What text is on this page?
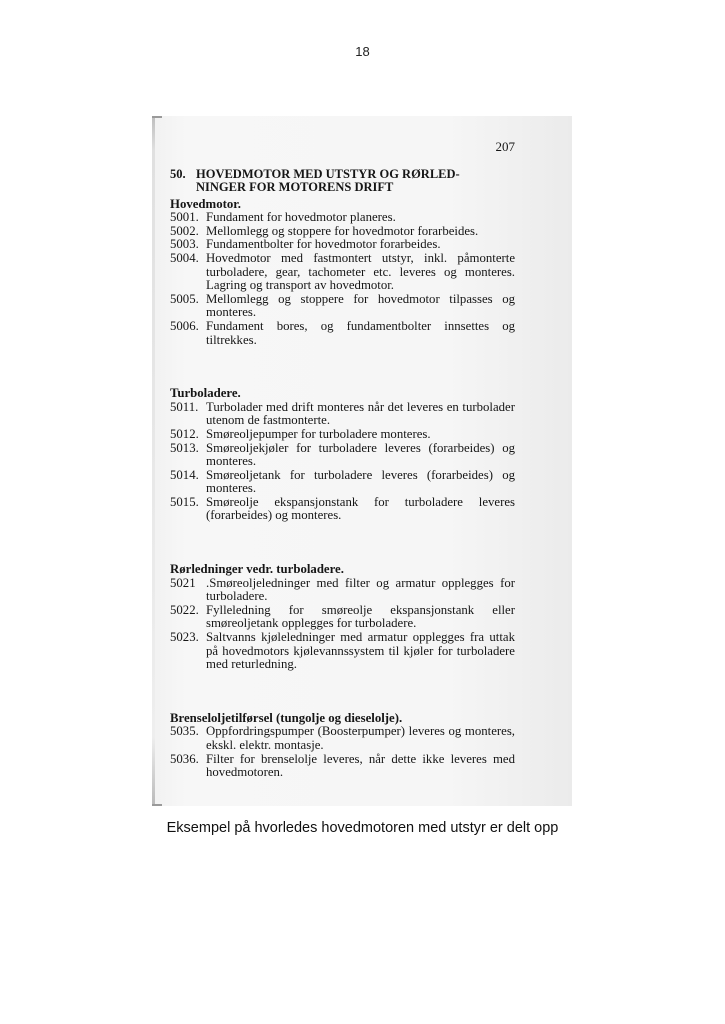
18
207
50. HOVEDMOTOR MED UTSTYR OG RØRLED-
NINGER FOR MOTORENS DRIFT
Hovedmotor.
5001. Fundament for hovedmotor planeres.
5002. Mellomlegg og stoppere for hovedmotor forarbeides.
5003. Fundamentbolter for hovedmotor forarbeides.
5004. Hovedmotor med fastmontert utstyr, inkl. påmonterte turboladere, gear, tachometer etc. leveres og monteres. Lagring og transport av hovedmotor.
5005. Mellomlegg og stoppere for hovedmotor tilpasses og monteres.
5006. Fundament bores, og fundamentbolter innsettes og tiltrekkes.
Turboladere.
5011. Turbolader med drift monteres når det leveres en turbolader utenom de fastmonterte.
5012. Smøreoljepumper for turboladere monteres.
5013. Smøreoljekjøler for turboladere leveres (forarbeides) og monteres.
5014. Smøreoljetank for turboladere leveres (forarbeides) og monteres.
5015. Smøreolje ekspansjonstank for turboladere leveres (forarbeides) og monteres.
Rørledninger vedr. turboladere.
5021 .Smøreoljeledninger med filter og armatur opplegges for turboladere.
5022. Fylleledning for smøreolje ekspansjonstank eller smøreoljetank opplegges for turboladere.
5023. Saltvanns kjøleledninger med armatur opplegges fra uttak på hovedmotors kjølevannssystem til kjøler for turboladere med returledning.
Brenseloljetilførsel (tungolje og dieselolje).
5035. Oppfordringspumper (Boosterpumper) leveres og monteres, ekskl. elektr. montasje.
5036. Filter for brenselolje leveres, når dette ikke leveres med hovedmotoren.
Eksempel på hvorledes hovedmotoren med utstyr er delt opp
